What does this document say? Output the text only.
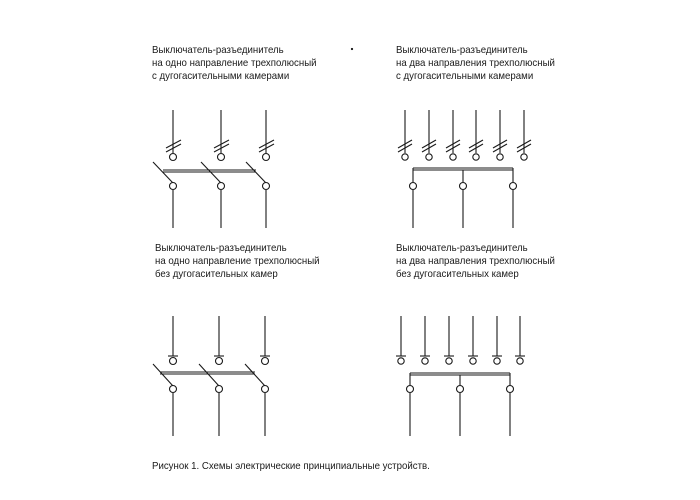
Выключатель-разъединитель
на одно направление трехполюсный
с дугогасительными камерами
Выключатель-разъединитель
на два направления трехполюсный
с дугогасительными камерами
Выключатель-разъединитель
на одно направление трехполюсный
без дугогасительных камер
Выключатель-разъединитель
на два направления трехполюсный
без дугогасительных камер
Рисунок 1. Схемы электрические принципиальные устройств.
